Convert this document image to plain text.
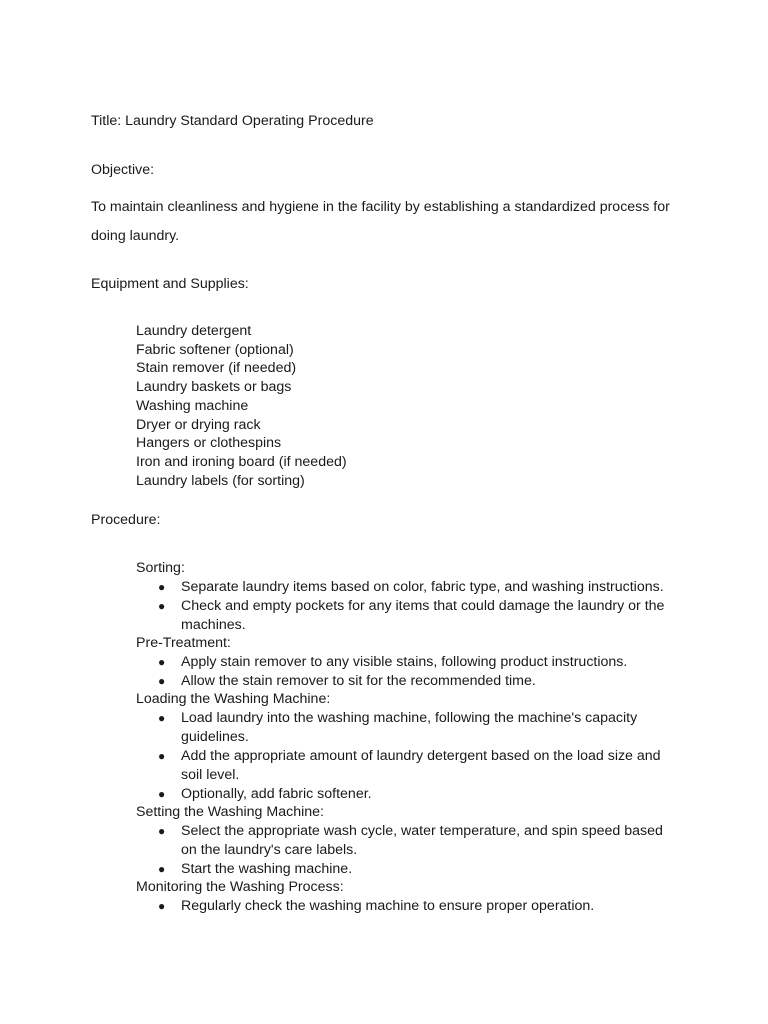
Title: Laundry Standard Operating Procedure
Objective:
To maintain cleanliness and hygiene in the facility by establishing a standardized process for
doing laundry.
Equipment and Supplies:
Laundry detergent
Fabric softener (optional)
Stain remover (if needed)
Laundry baskets or bags
Washing machine
Dryer or drying rack
Hangers or clothespins
Iron and ironing board (if needed)
Laundry labels (for sorting)
Procedure:
Sorting:
● Separate laundry items based on color, fabric type, and washing instructions.
● Check and empty pockets for any items that could damage the laundry or the machines.
Pre-Treatment:
● Apply stain remover to any visible stains, following product instructions.
● Allow the stain remover to sit for the recommended time.
Loading the Washing Machine:
● Load laundry into the washing machine, following the machine's capacity guidelines.
● Add the appropriate amount of laundry detergent based on the load size and soil level.
● Optionally, add fabric softener.
Setting the Washing Machine:
● Select the appropriate wash cycle, water temperature, and spin speed based on the laundry's care labels.
● Start the washing machine.
Monitoring the Washing Process:
● Regularly check the washing machine to ensure proper operation.
